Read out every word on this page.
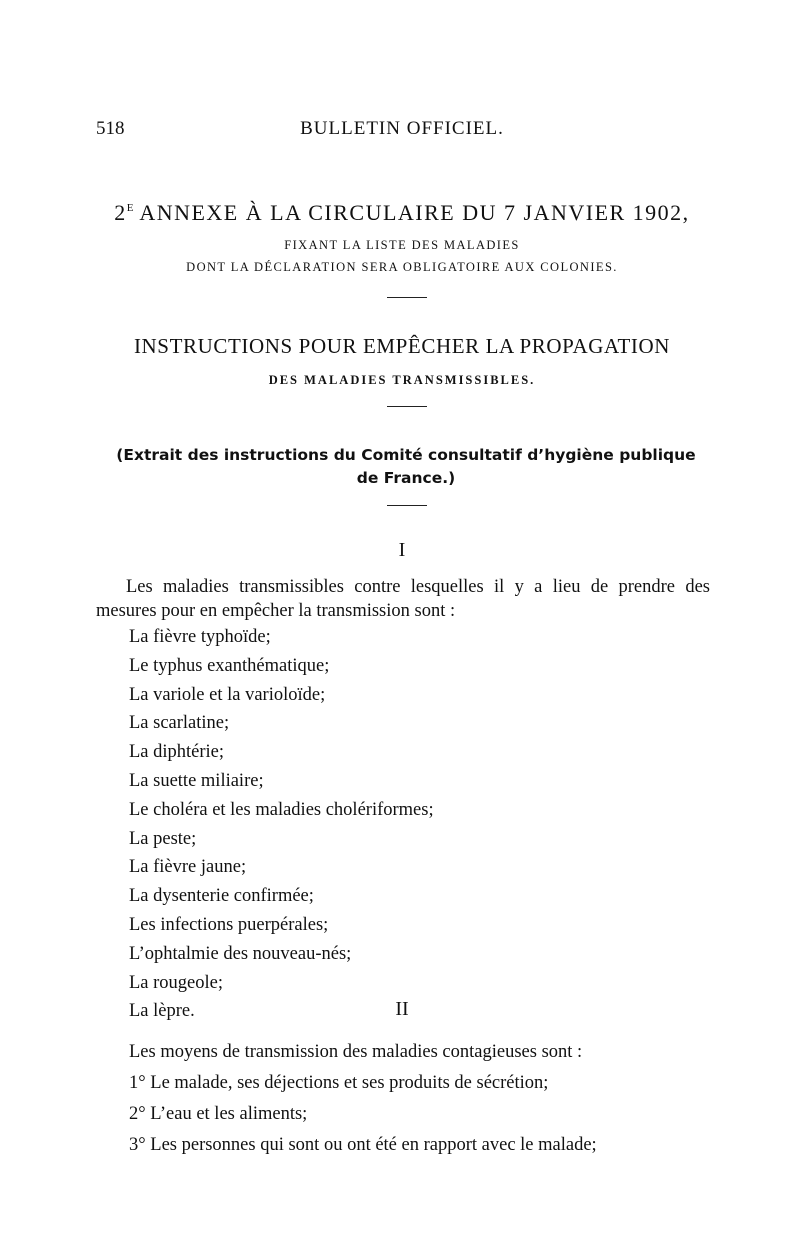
518	BULLETIN OFFICIEL.
$2^E$ ANNEXE À LA CIRCULAIRE DU 7 JANVIER 1902,
FIXANT LA LISTE DES MALADIES
DONT LA DÉCLARATION SERA OBLIGATOIRE AUX COLONIES.
INSTRUCTIONS POUR EMPÊCHER LA PROPAGATION
DES MALADIES TRANSMISSIBLES.
(Extrait des instructions du Comité consultatif d’hygiène publique
de France.)
I
Les maladies transmissibles contre lesquelles il y a lieu de prendre des
mesures pour en empêcher la transmission sont :
La fièvre typhoïde;
Le typhus exanthématique;
La variole et la varioloïde;
La scarlatine;
La diphtérie;
La suette miliaire;
Le choléra et les maladies cholériformes;
La peste;
La fièvre jaune;
La dysenterie confirmée;
Les infections puerpérales;
L’ophtalmie des nouveau-nés;
La rougeole;
La lèpre.	II
Les moyens de transmission des maladies contagieuses sont :
1° Le malade, ses déjections et ses produits de sécrétion;
2° L’eau et les aliments;
3° Les personnes qui sont ou ont été en rapport avec le malade;
